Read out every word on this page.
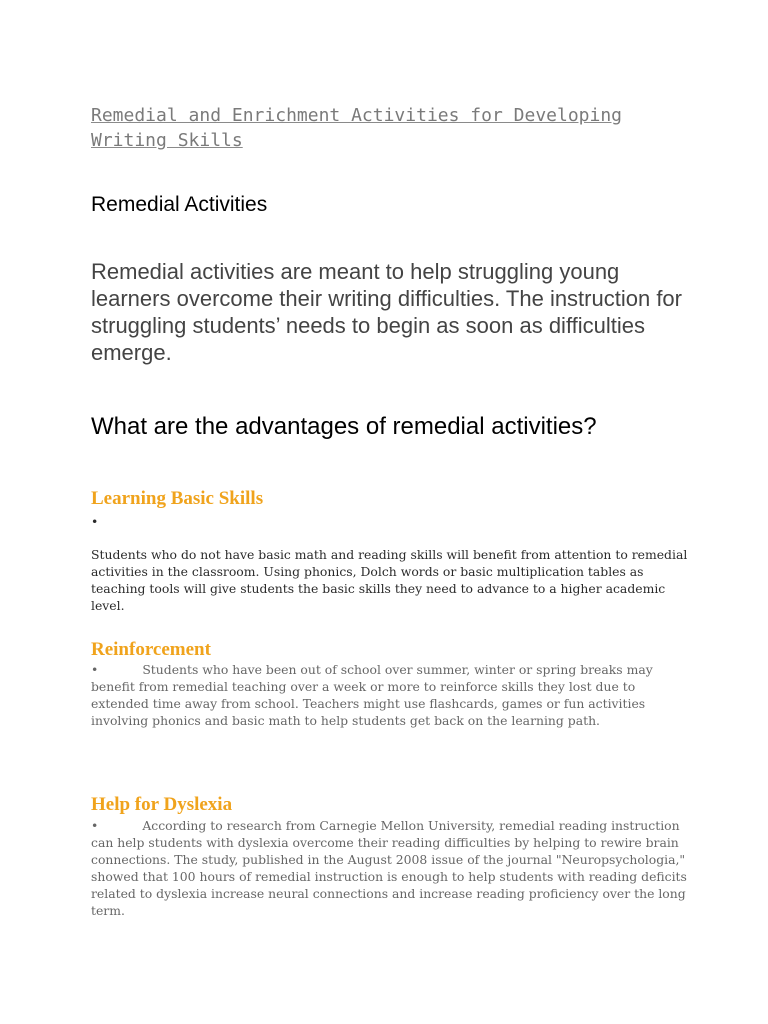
Remedial and Enrichment Activities for Developing Writing Skills
Remedial Activities

Remedial activities are meant to help struggling young learners overcome their writing difficulties. The instruction for struggling students’ needs to begin as soon as difficulties emerge.

What are the advantages of remedial activities?
Learning Basic Skills
•

Students who do not have basic math and reading skills will benefit from attention to remedial activities in the classroom. Using phonics, Dolch words or basic multiplication tables as teaching tools will give students the basic skills they need to advance to a higher academic level.

Reinforcement

•	Students who have been out of school over summer, winter or spring breaks may benefit from remedial teaching over a week or more to reinforce skills they lost due to extended time away from school. Teachers might use flashcards, games or fun activities involving phonics and basic math to help students get back on the learning path.

Help for Dyslexia

•	According to research from Carnegie Mellon University, remedial reading instruction can help students with dyslexia overcome their reading difficulties by helping to rewire brain connections. The study, published in the August 2008 issue of the journal "Neuropsychologia," showed that 100 hours of remedial instruction is enough to help students with reading deficits related to dyslexia increase neural connections and increase reading proficiency over the long term.
